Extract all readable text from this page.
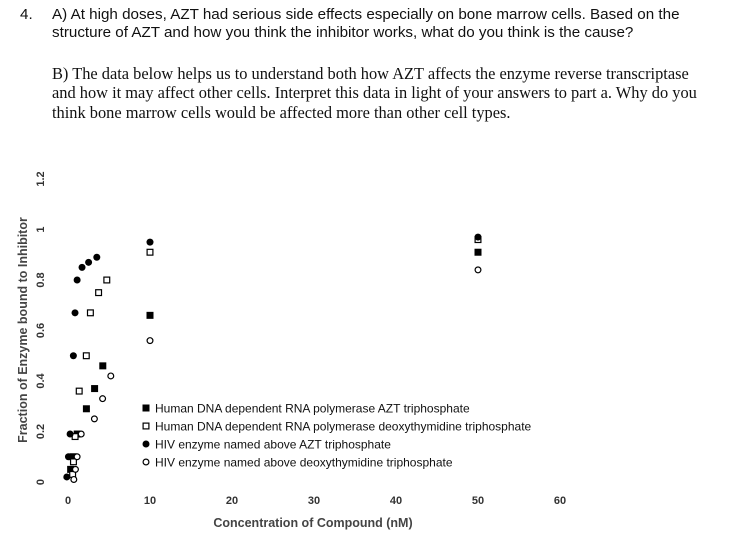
4. A) At high doses, AZT had serious side effects especially on bone marrow cells. Based on the structure of AZT and how you think the inhibitor works, what do you think is the cause?
B) The data below helps us to understand both how AZT affects the enzyme reverse transcriptase and how it may affect other cells. Interpret this data in light of your answers to part a. Why do you think bone marrow cells would be affected more than other cell types.
0	10	20	30	40	50	60
0
0.2
0.4
0.6
0.8
1
1.2
Human DNA dependent RNA polymerase AZT triphosphate
Human DNA dependent RNA polymerase deoxythymidine triphosphate
HIV enzyme named above AZT triphosphate
HIV enzyme named above deoxythymidine triphosphate
Concentration of Compound (nM)
Fraction of Enzyme bound to Inhibitor
